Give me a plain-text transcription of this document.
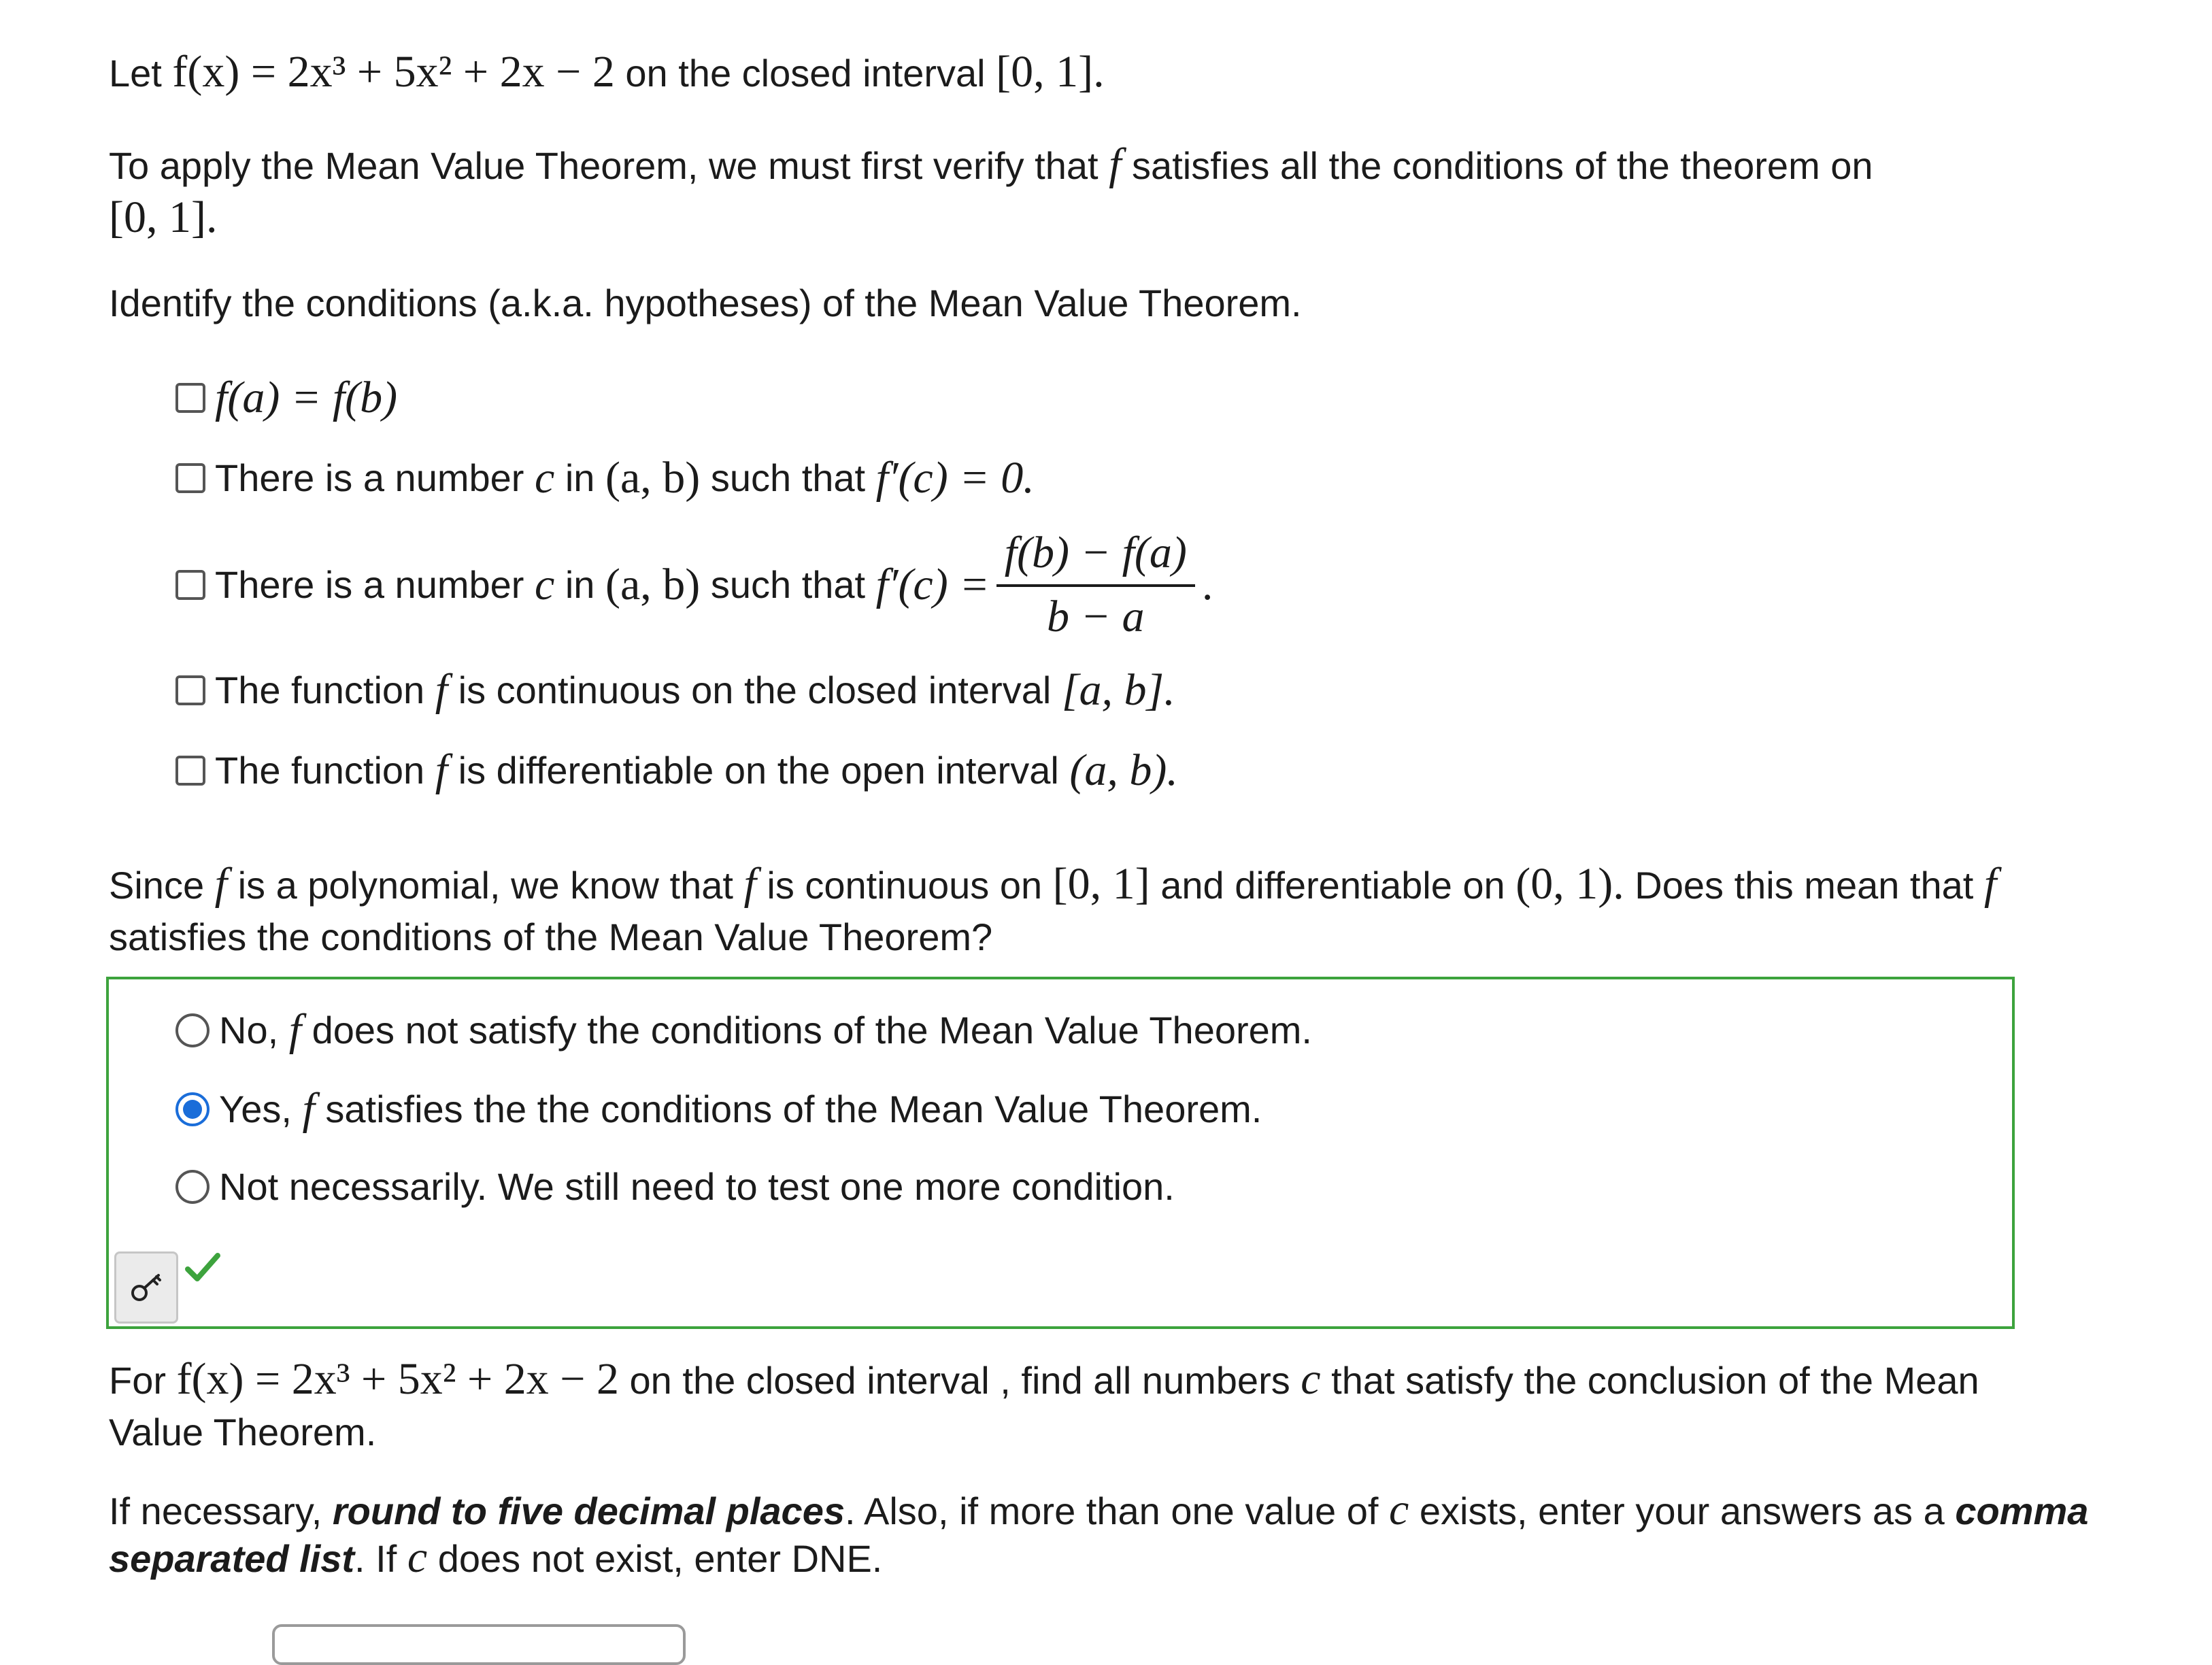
Let f(x) = 2x³ + 5x² + 2x − 2 on the closed interval [0, 1].
To apply the Mean Value Theorem, we must first verify that f satisfies all the conditions of the theorem on
[0, 1].
Identify the conditions (a.k.a. hypotheses) of the Mean Value Theorem.
f(a) = f(b)
There is a number
c
in
(a, b)
such that
f′(c) = 0.
There is a number
c
in
(a, b)
such that
$f'(c) = \frac{f(b) - f(a)}{b - a}$ .
The function
f
is continuous on the closed interval
[a, b].
The function
f
is differentiable on the open interval
(a, b).
Since f is a polynomial, we know that f is continuous on [0, 1] and differentiable on (0, 1). Does this mean that f satisfies the conditions of the Mean Value Theorem?
No,
f
does not satisfy the conditions of the Mean Value Theorem.
Yes,
f
satisfies the the conditions of the Mean Value Theorem.
Not necessarily. We still need to test one more condition.
For f(x) = 2x³ + 5x² + 2x − 2 on the closed interval , find all numbers c that satisfy the conclusion of the Mean Value Theorem.
If necessary, round to five decimal places. Also, if more than one value of c exists, enter your answers as a comma separated list. If c does not exist, enter DNE.
